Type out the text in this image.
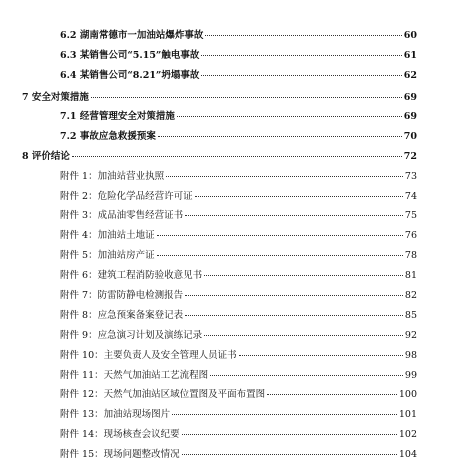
6.2 湖南常德市一加油站爆炸事故	60
6.3 某销售公司“5.15”触电事故	61
6.4 某销售公司“8.21”坍塌事故	62
7 安全对策措施	69
7.1 经营管理安全对策措施	69
7.2 事故应急救援预案	70
8 评价结论	72
附件 1：加油站营业执照	73
附件 2：危险化学品经营许可证	74
附件 3：成品油零售经营证书	75
附件 4：加油站土地证	76
附件 5：加油站房产证	78
附件 6：建筑工程消防验收意见书	81
附件 7：防雷防静电检测报告	82
附件 8：应急预案备案登记表	85
附件 9：应急演习计划及演练记录	92
附件 10：主要负责人及安全管理人员证书	98
附件 11：天然气加油站工艺流程图	99
附件 12：天然气加油站区域位置图及平面布置图	100
附件 13：加油站现场图片	101
附件 14：现场核查会议纪要	102
附件 15：现场问题整改情况	104
